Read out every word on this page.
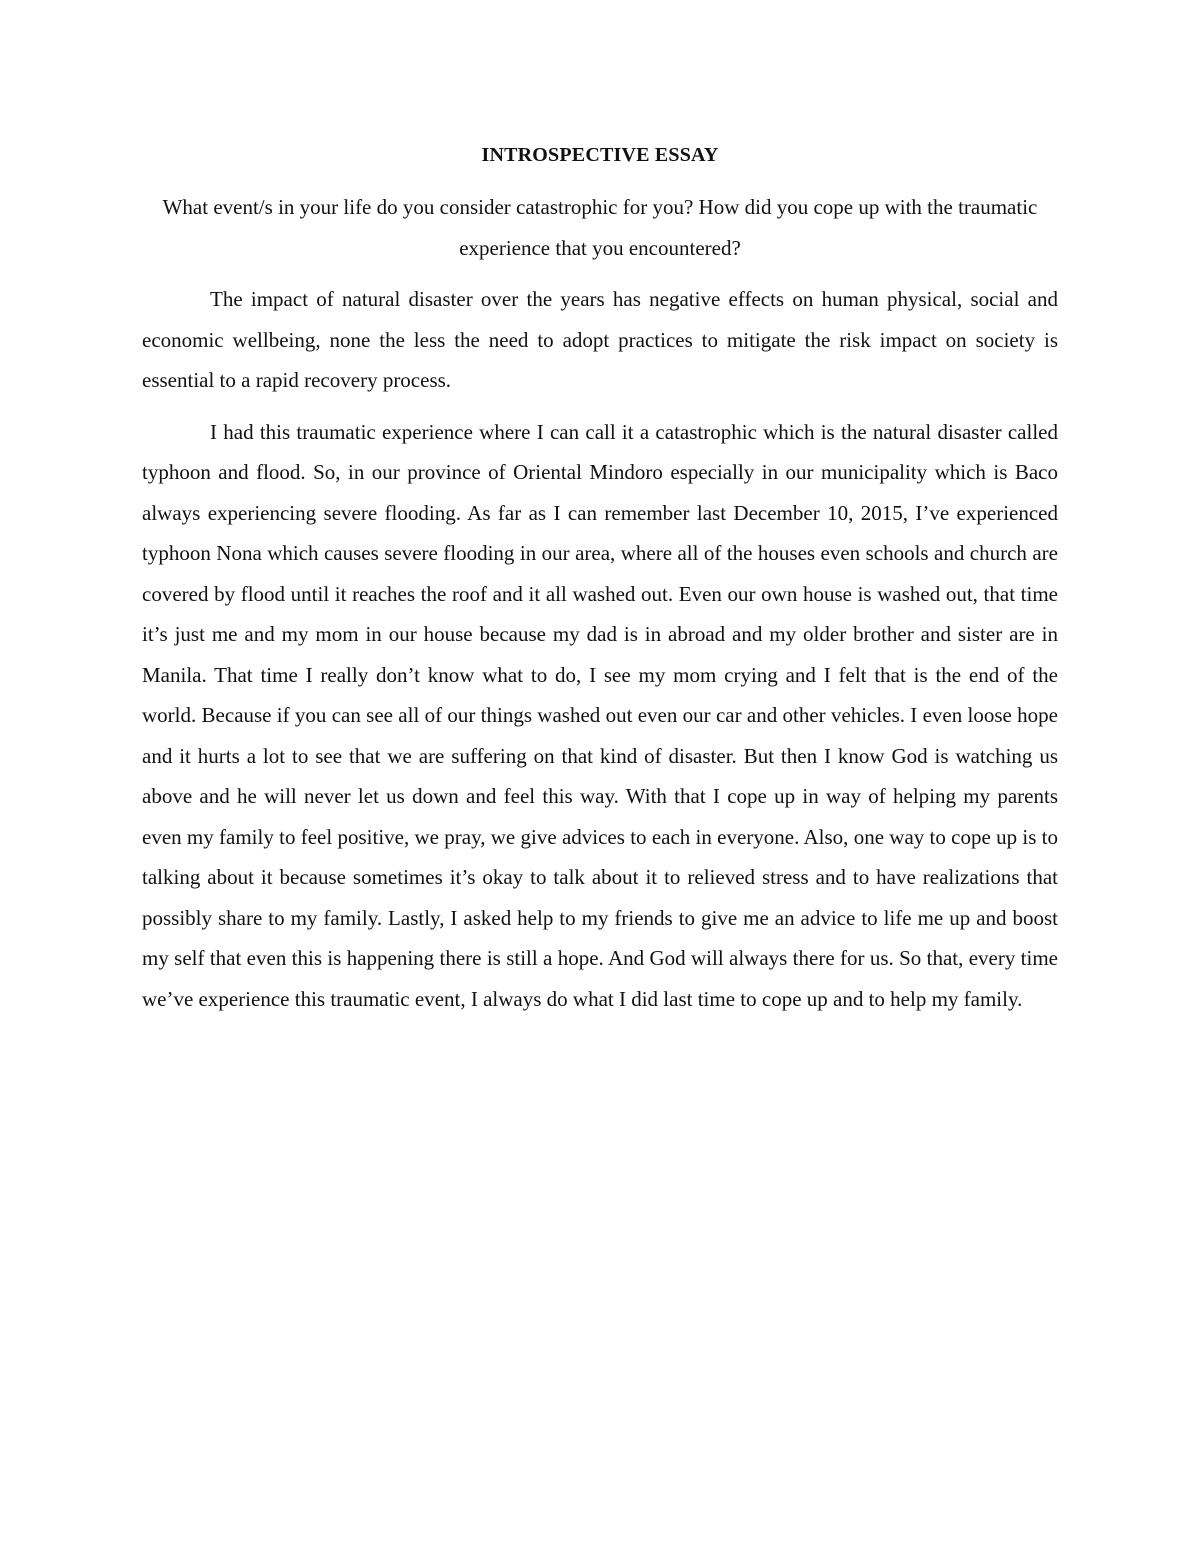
INTROSPECTIVE ESSAY

What event/s in your life do you consider catastrophic for you? How did you cope up with the traumatic experience that you encountered?

The impact of natural disaster over the years has negative effects on human physical, social and economic wellbeing, none the less the need to adopt practices to mitigate the risk impact on society is essential to a rapid recovery process.

I had this traumatic experience where I can call it a catastrophic which is the natural disaster called typhoon and flood. So, in our province of Oriental Mindoro especially in our municipality which is Baco always experiencing severe flooding. As far as I can remember last December 10, 2015, I’ve experienced typhoon Nona which causes severe flooding in our area, where all of the houses even schools and church are covered by flood until it reaches the roof and it all washed out. Even our own house is washed out, that time it’s just me and my mom in our house because my dad is in abroad and my older brother and sister are in Manila. That time I really don’t know what to do, I see my mom crying and I felt that is the end of the world. Because if you can see all of our things washed out even our car and other vehicles. I even loose hope and it hurts a lot to see that we are suffering on that kind of disaster. But then I know God is watching us above and he will never let us down and feel this way. With that I cope up in way of helping my parents even my family to feel positive, we pray, we give advices to each in everyone. Also, one way to cope up is to talking about it because sometimes it’s okay to talk about it to relieved stress and to have realizations that possibly share to my family. Lastly, I asked help to my friends to give me an advice to life me up and boost my self that even this is happening there is still a hope. And God will always there for us. So that, every time we’ve experience this traumatic event, I always do what I did last time to cope up and to help my family.
